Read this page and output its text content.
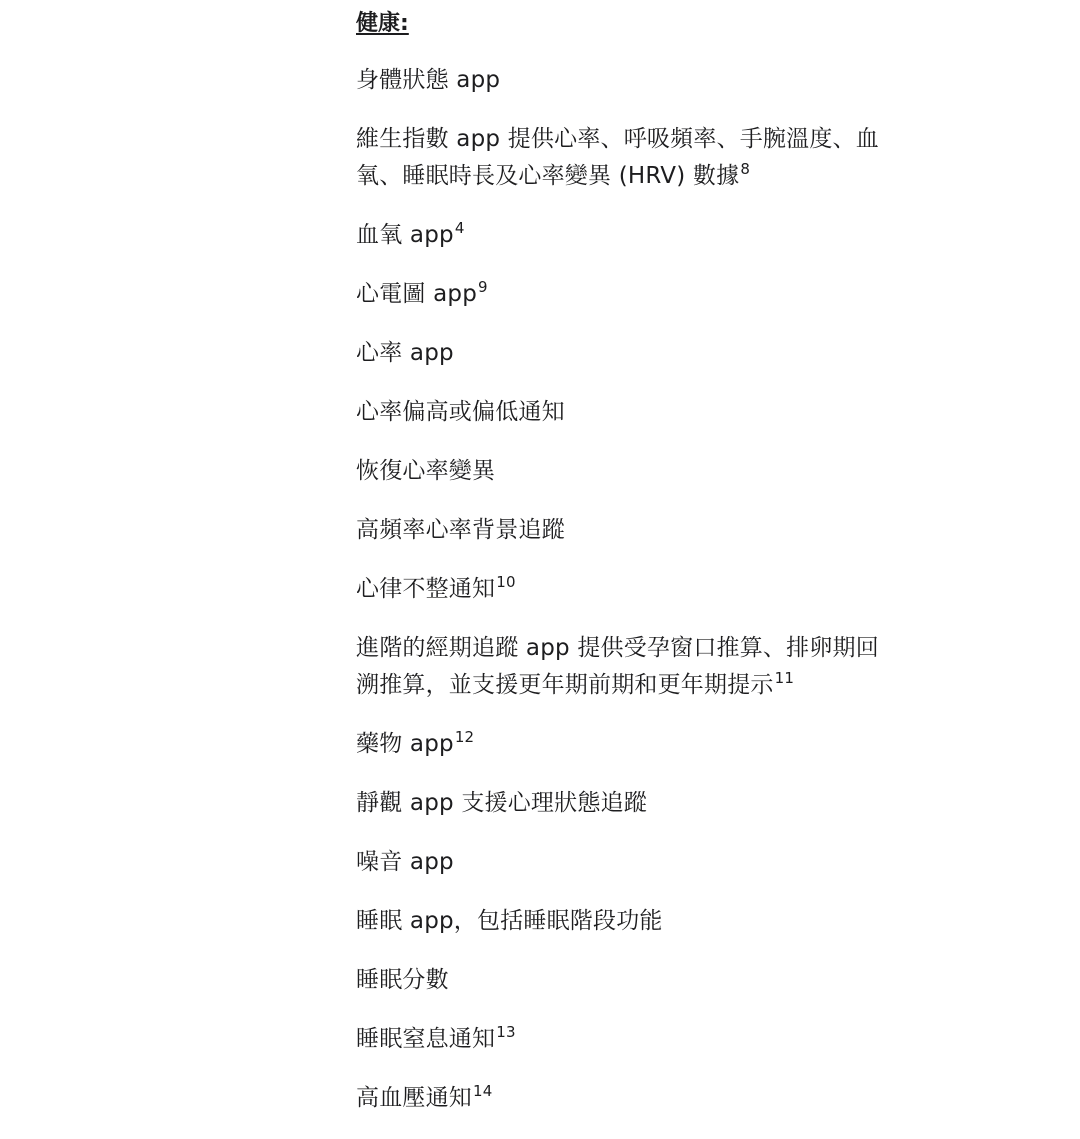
健康:
身體狀態 app
維生指數 app 提供心率、呼吸頻率、手腕溫度、血氧、睡眠時長及心率變異 (HRV) 數據$^8$
血氧 app$^4$
心電圖 app$^9$
心率 app
心率偏高或偏低通知
恢復心率變異
高頻率心率背景追蹤
心律不整通知$^{10}$
進階的經期追蹤 app 提供受孕窗口推算、排卵期回溯推算，並支援更年期前期和更年期提示$^{11}$
藥物 app$^{12}$
靜觀 app 支援心理狀態追蹤
噪音 app
睡眠 app，包括睡眠階段功能
睡眠分數
睡眠窒息通知$^{13}$
高血壓通知$^{14}$
